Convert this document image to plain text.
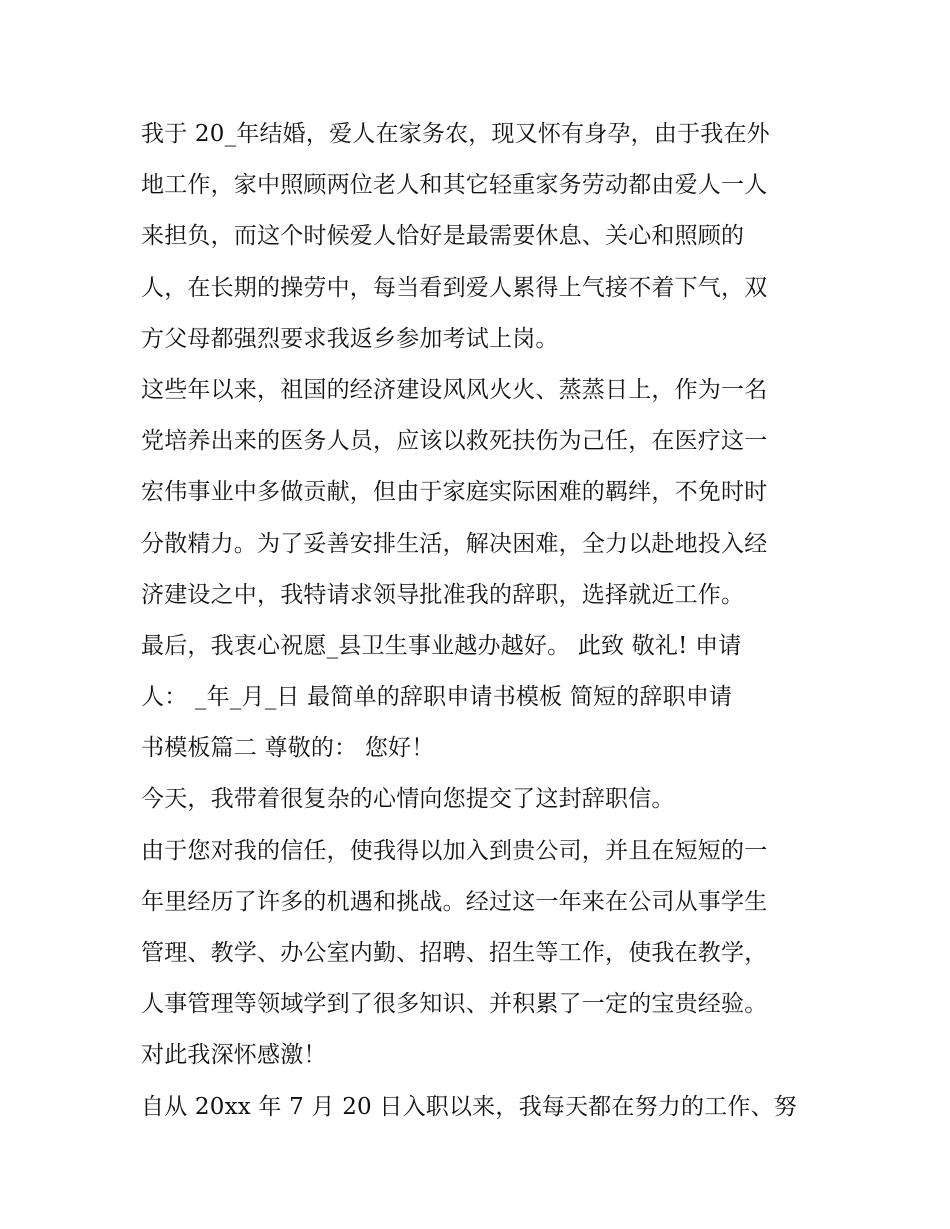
我于 20_年结婚，爱人在家务农，现又怀有身孕，由于我在外
地工作，家中照顾两位老人和其它轻重家务劳动都由爱人一人
来担负，而这个时候爱人恰好是最需要休息、关心和照顾的
人，在长期的操劳中，每当看到爱人累得上气接不着下气，双
方父母都强烈要求我返乡参加考试上岗。
这些年以来，祖国的经济建设风风火火、蒸蒸日上，作为一名
党培养出来的医务人员，应该以救死扶伤为己任，在医疗这一
宏伟事业中多做贡献，但由于家庭实际困难的羁绊，不免时时
分散精力。为了妥善安排生活，解决困难，全力以赴地投入经
济建设之中，我特请求领导批准我的辞职，选择就近工作。
最后，我衷心祝愿_县卫生事业越办越好。 此致 敬礼! 申请
人： _年_月_日 最简单的辞职申请书模板 简短的辞职申请
书模板篇二 尊敬的： 您好！
今天，我带着很复杂的心情向您提交了这封辞职信。
由于您对我的信任，使我得以加入到贵公司，并且在短短的一
年里经历了许多的机遇和挑战。经过这一年来在公司从事学生
管理、教学、办公室内勤、招聘、招生等工作，使我在教学，
人事管理等领域学到了很多知识、并积累了一定的宝贵经验。
对此我深怀感激！
自从 20xx 年 7 月 20 日入职以来，我每天都在努力的工作、努
